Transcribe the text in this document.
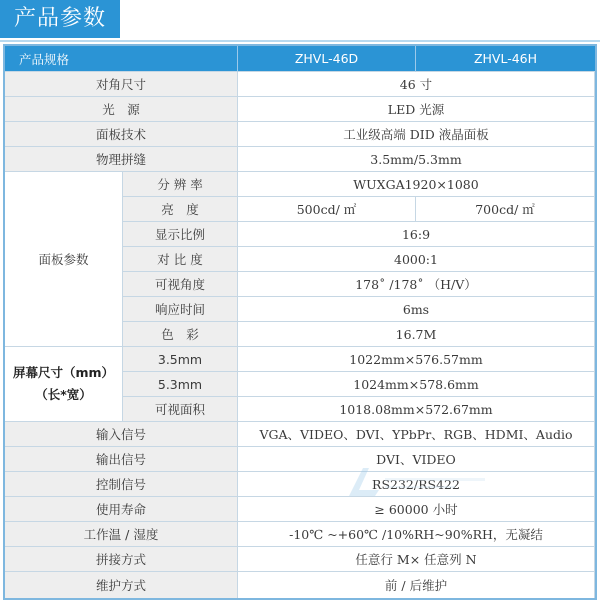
产品参数
产品规格	ZHVL-46D	ZHVL-46H
对角尺寸	46 寸
光　源	LED 光源
面板技术	工业级高端 DID 液晶面板
物理拼缝	3.5mm/5.3mm
面板参数
分 辨 率	WUXGA1920×1080
亮　度	500cd/ ㎡	700cd/ ㎡
显示比例	16:9
对 比 度	4000:1
可视角度	178˚ /178˚ （H/V）
响应时间	6ms
色　彩	16.7M
屏幕尺寸（mm）
（长*宽）
3.5mm	1022mm×576.57mm
5.3mm	1024mm×578.6mm
可视面积	1018.08mm×572.67mm
输入信号	VGA、VIDEO、DVI、YPbPr、RGB、HDMI、Audio
输出信号	DVI、VIDEO
控制信号	RS232/RS422
使用寿命	≥ 60000 小时
工作温 / 湿度	-10℃ ~+60℃ /10%RH~90%RH，无凝结
拼接方式	任意行 M× 任意列 N
维护方式	前 / 后维护
